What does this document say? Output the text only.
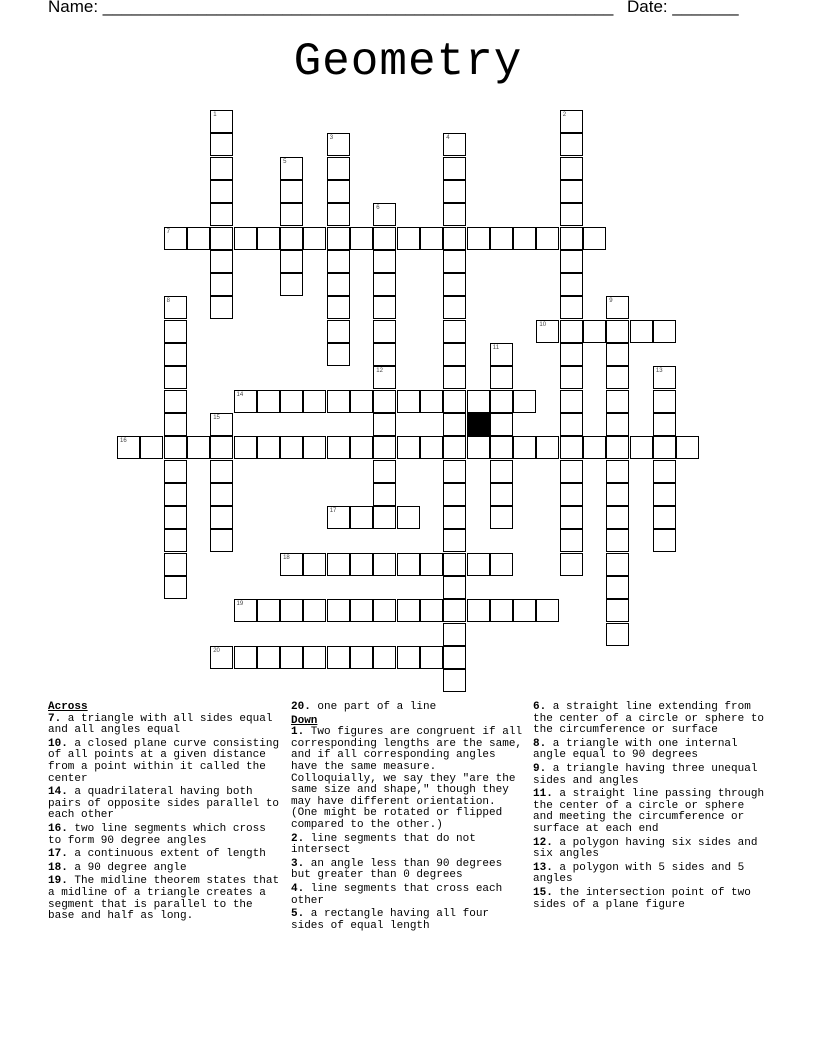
Name: ______________________________________________________ Date: _______
Geometry
1	2
3	4
5
6
7
8	9
10
11
12	13
14
15
16
17
18
19
20

Across

7. a triangle with all sides equal and all angles equal

10. a closed plane curve consisting of all points at a given distance from a point within it called the center

14. a quadrilateral having both pairs of opposite sides parallel to each other

16. two line segments which cross to form 90 degree angles

17. a continuous extent of length

18. a 90 degree angle

19. The midline theorem states that a midline of a triangle creates a segment that is parallel to the base and half as long.

20. one part of a line

Down

1. Two figures are congruent if all corresponding lengths are the same, and if all corresponding angles have the same measure. Colloquially, we say they "are the same size and shape," though they may have different orientation. (One might be rotated or flipped compared to the other.)

2. line segments that do not intersect

3. an angle less than 90 degrees but greater than 0 degrees

4. line segments that cross each other

5. a rectangle having all four sides of equal length

6. a straight line extending from the center of a circle or sphere to the circumference or surface

8. a triangle with one internal angle equal to 90 degrees

9. a triangle having three unequal sides and angles

11. a straight line passing through the center of a circle or sphere and meeting the circumference or surface at each end

12. a polygon having six sides and six angles

13. a polygon with 5 sides and 5 angles

15. the intersection point of two sides of a plane figure
